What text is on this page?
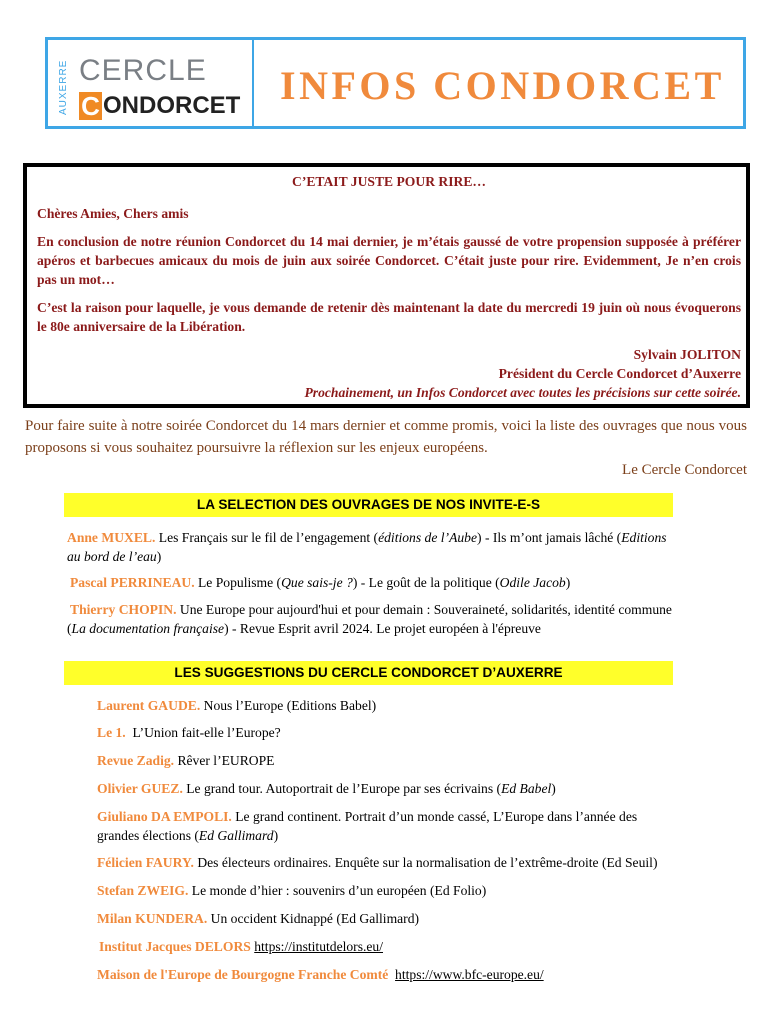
AUXERRE CERCLE
C ONDORCET INFOS CONDORCET
C’ETAIT JUSTE POUR RIRE…
Chères Amies, Chers amis
En conclusion de notre réunion Condorcet du 14 mai dernier, je m’étais gaussé de votre propension supposée à préférer apéros et barbecues amicaux du mois de juin aux soirée Condorcet. C’était juste pour rire. Evidemment, Je n’en crois pas un mot…
C’est la raison pour laquelle, je vous demande de retenir dès maintenant la date du mercredi 19 juin où nous évoquerons le 80e anniversaire de la Libération.
Sylvain JOLITON
Président du Cercle Condorcet d’Auxerre
Prochainement, un Infos Condorcet avec toutes les précisions sur cette soirée.
Pour faire suite à notre soirée Condorcet du 14 mars dernier et comme promis, voici la liste des ouvrages que nous vous proposons si vous souhaitez poursuivre la réflexion sur les enjeux européens.
Le Cercle Condorcet
LA SELECTION DES OUVRAGES DE NOS INVITE-E-S
Anne MUXEL. Les Français sur le fil de l’engagement (éditions de l’Aube) - Ils m’ont jamais lâché (Editions au bord de l’eau)
Pascal PERRINEAU. Le Populisme (Que sais-je ?) - Le goût de la politique (Odile Jacob)
Thierry CHOPIN. Une Europe pour aujourd'hui et pour demain : Souveraineté, solidarités, identité commune (La documentation française) - Revue Esprit avril 2024. Le projet européen à l'épreuve
LES SUGGESTIONS DU CERCLE CONDORCET D’AUXERRE
Laurent GAUDE. Nous l’Europe (Editions Babel)
Le 1.  L’Union fait-elle l’Europe?
Revue Zadig. Rêver l’EUROPE
Olivier GUEZ. Le grand tour. Autoportrait de l’Europe par ses écrivains (Ed Babel)
Giuliano DA EMPOLI. Le grand continent. Portrait d’un monde cassé, L’Europe dans l’année des grandes élections (Ed Gallimard)
Félicien FAURY. Des électeurs ordinaires. Enquête sur la normalisation de l’extrême-droite (Ed Seuil)
Stefan ZWEIG. Le monde d’hier : souvenirs d’un européen (Ed Folio)
Milan KUNDERA. Un occident Kidnappé (Ed Gallimard)
Institut Jacques DELORS https://institutdelors.eu/
Maison de l'Europe de Bourgogne Franche Comté https://www.bfc-europe.eu/
